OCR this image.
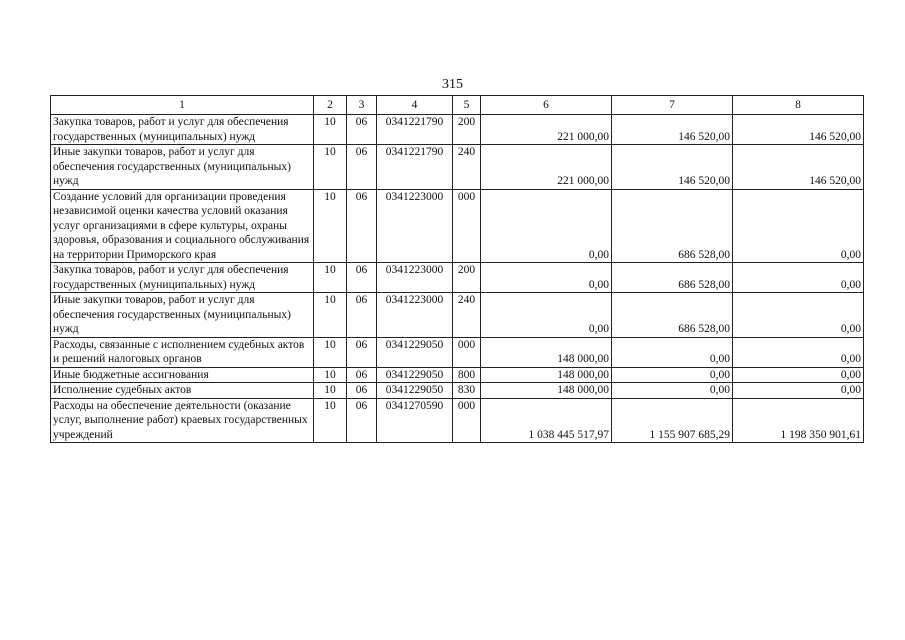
315
1	2	3	4	5	6	7	8
Закупка товаров, работ и услуг для обеспечения государственных (муниципальных) нужд	10	06	0341221790	200	221 000,00	146 520,00	146 520,00
Иные закупки товаров, работ и услуг для обеспечения государственных (муниципальных) нужд	10	06	0341221790	240	221 000,00	146 520,00	146 520,00
Создание условий для организации проведения независимой оценки качества условий оказания услуг организациями в сфере культуры, охраны здоровья, образования и социального обслуживания на территории Приморского края	10	06	0341223000	000	0,00	686 528,00	0,00
Закупка товаров, работ и услуг для обеспечения государственных (муниципальных) нужд	10	06	0341223000	200	0,00	686 528,00	0,00
Иные закупки товаров, работ и услуг для обеспечения государственных (муниципальных) нужд	10	06	0341223000	240	0,00	686 528,00	0,00
Расходы, связанные с исполнением судебных актов и решений налоговых органов	10	06	0341229050	000	148 000,00	0,00	0,00
Иные бюджетные ассигнования	10	06	0341229050	800	148 000,00	0,00	0,00
Исполнение судебных актов	10	06	0341229050	830	148 000,00	0,00	0,00
Расходы на обеспечение деятельности (оказание услуг, выполнение работ) краевых государственных учреждений	10	06	0341270590	000	1 038 445 517,97	1 155 907 685,29	1 198 350 901,61
